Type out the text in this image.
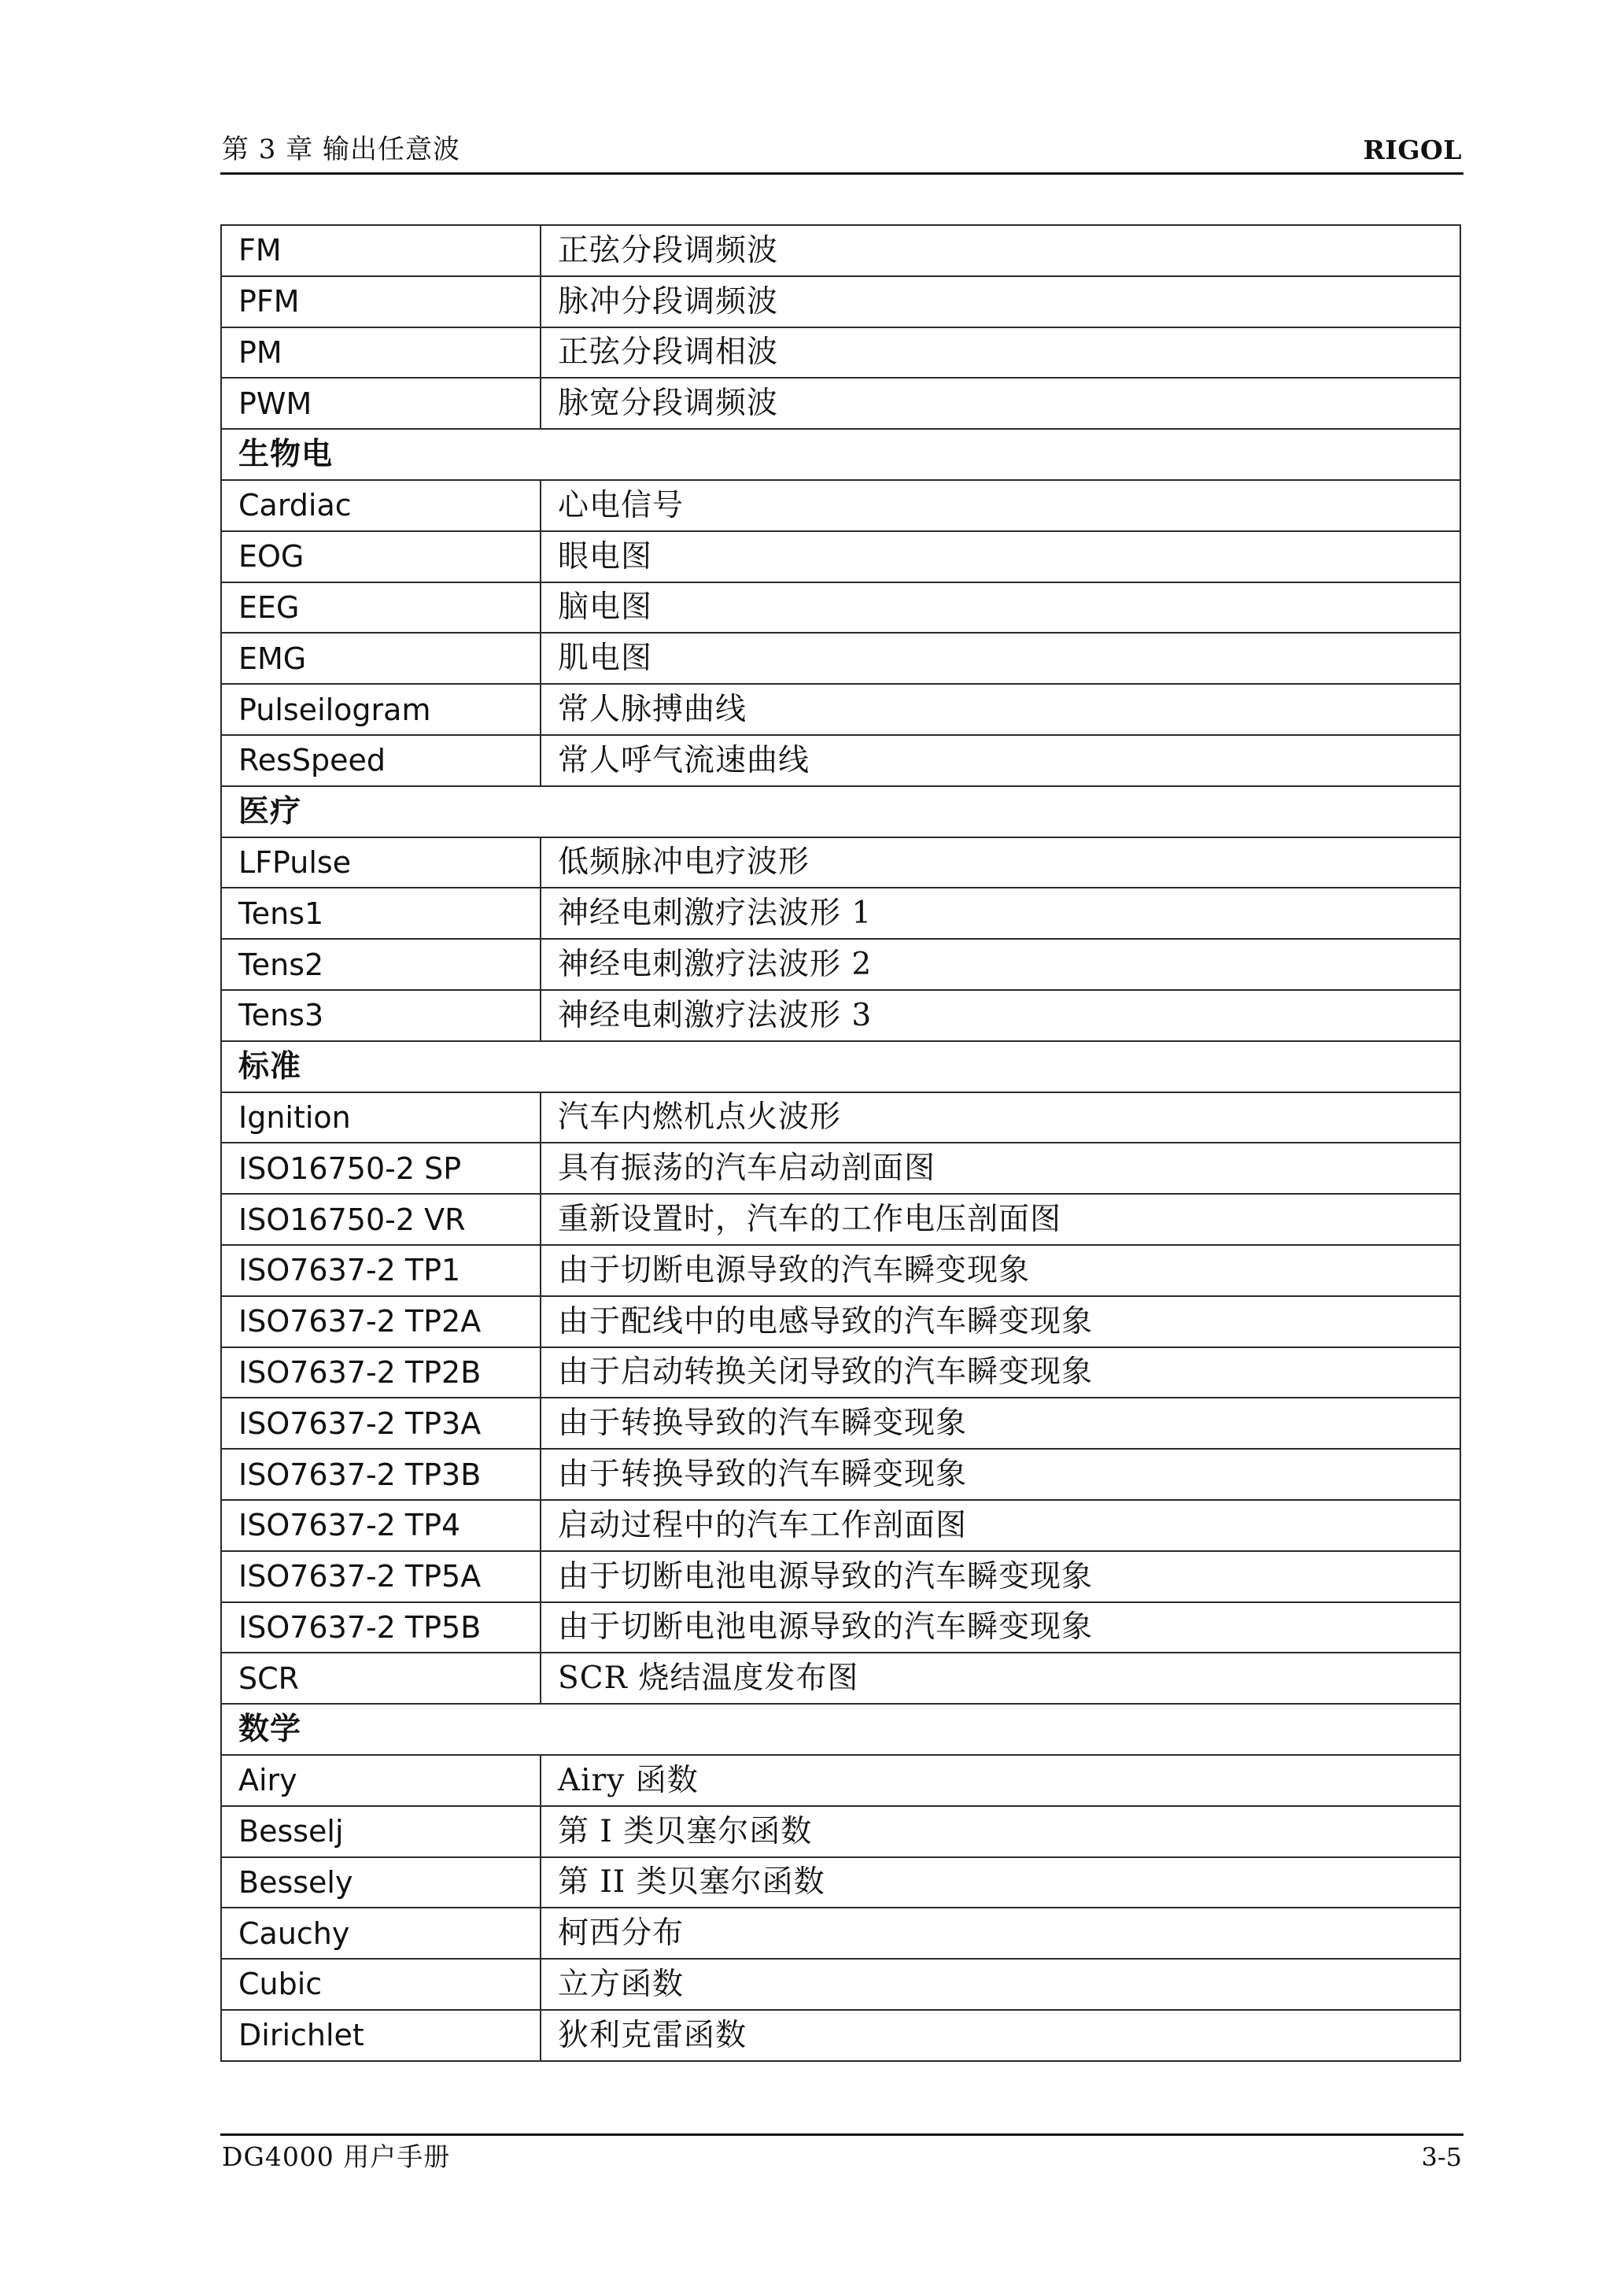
第 3 章 输出任意波	RIGOL
FM	正弦分段调频波
PFM	脉冲分段调频波
PM	正弦分段调相波
PWM	脉宽分段调频波
生物电	
Cardiac	心电信号
EOG	眼电图
EEG	脑电图
EMG	肌电图
Pulseilogram	常人脉搏曲线
ResSpeed	常人呼气流速曲线
医疗	
LFPulse	低频脉冲电疗波形
Tens1	神经电刺激疗法波形 1
Tens2	神经电刺激疗法波形 2
Tens3	神经电刺激疗法波形 3
标准	
Ignition	汽车内燃机点火波形
ISO16750-2 SP	具有振荡的汽车启动剖面图
ISO16750-2 VR	重新设置时，汽车的工作电压剖面图
ISO7637-2 TP1	由于切断电源导致的汽车瞬变现象
ISO7637-2 TP2A	由于配线中的电感导致的汽车瞬变现象
ISO7637-2 TP2B	由于启动转换关闭导致的汽车瞬变现象
ISO7637-2 TP3A	由于转换导致的汽车瞬变现象
ISO7637-2 TP3B	由于转换导致的汽车瞬变现象
ISO7637-2 TP4	启动过程中的汽车工作剖面图
ISO7637-2 TP5A	由于切断电池电源导致的汽车瞬变现象
ISO7637-2 TP5B	由于切断电池电源导致的汽车瞬变现象
SCR	SCR 烧结温度发布图
数学	
Airy	Airy 函数
Besselj	第 I 类贝塞尔函数
Bessely	第 II 类贝塞尔函数
Cauchy	柯西分布
Cubic	立方函数
Dirichlet	狄利克雷函数
DG4000 用户手册	3-5
